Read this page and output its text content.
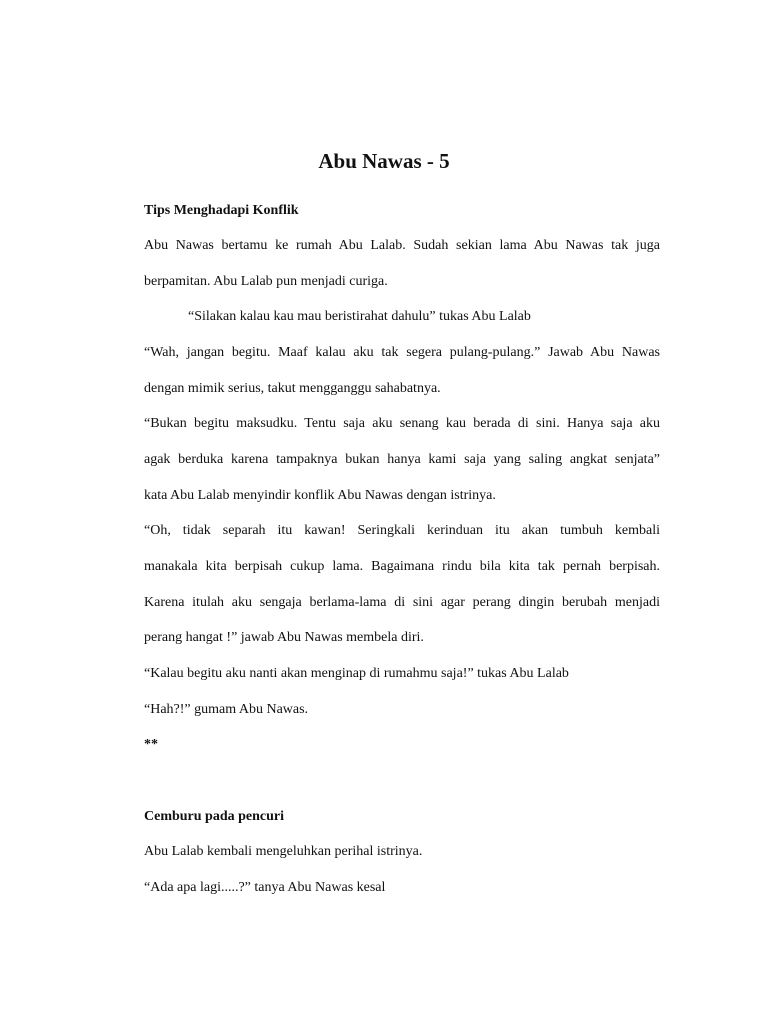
Abu Nawas - 5
Tips Menghadapi Konflik
Abu Nawas bertamu ke rumah Abu Lalab. Sudah sekian lama Abu Nawas tak juga
berpamitan. Abu Lalab pun menjadi curiga.
“Silakan kalau kau mau beristirahat dahulu” tukas Abu Lalab
“Wah, jangan begitu. Maaf kalau aku tak segera pulang-pulang.” Jawab Abu Nawas
dengan mimik serius, takut mengganggu sahabatnya.
“Bukan begitu maksudku. Tentu saja aku senang kau berada di sini. Hanya saja aku
agak berduka karena tampaknya bukan hanya kami saja yang saling angkat senjata”
kata Abu Lalab menyindir konflik Abu Nawas dengan istrinya.
“Oh, tidak separah itu kawan! Seringkali kerinduan itu akan tumbuh kembali
manakala kita berpisah cukup lama. Bagaimana rindu bila kita tak pernah berpisah.
Karena itulah aku sengaja berlama-lama di sini agar perang dingin berubah menjadi
perang hangat !” jawab Abu Nawas membela diri.
“Kalau begitu aku nanti akan menginap di rumahmu saja!” tukas Abu Lalab
“Hah?!” gumam Abu Nawas.
**
Cemburu pada pencuri
Abu Lalab kembali mengeluhkan perihal istrinya.
“Ada apa lagi.....?” tanya Abu Nawas kesal
